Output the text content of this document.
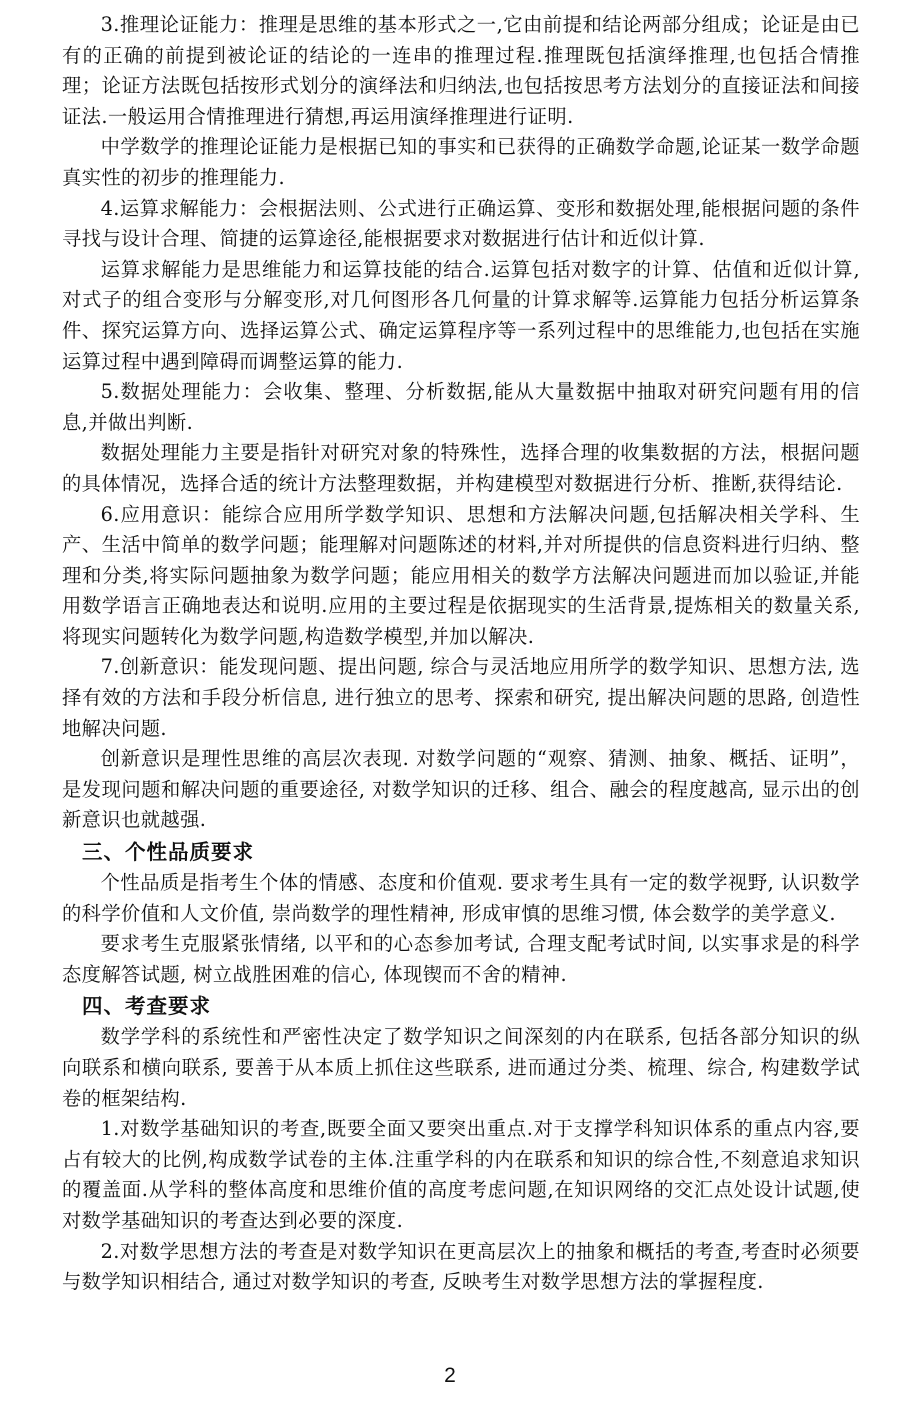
3.推理论证能力：推理是思维的基本形式之一,它由前提和结论两部分组成；论证是由已有的正确的前提到被论证的结论的一连串的推理过程.推理既包括演绎推理,也包括合情推理；论证方法既包括按形式划分的演绎法和归纳法,也包括按思考方法划分的直接证法和间接证法.一般运用合情推理进行猜想,再运用演绎推理进行证明.

中学数学的推理论证能力是根据已知的事实和已获得的正确数学命题,论证某一数学命题真实性的初步的推理能力.

4.运算求解能力：会根据法则、公式进行正确运算、变形和数据处理,能根据问题的条件寻找与设计合理、简捷的运算途径,能根据要求对数据进行估计和近似计算.

运算求解能力是思维能力和运算技能的结合.运算包括对数字的计算、估值和近似计算,对式子的组合变形与分解变形,对几何图形各几何量的计算求解等.运算能力包括分析运算条件、探究运算方向、选择运算公式、确定运算程序等一系列过程中的思维能力,也包括在实施运算过程中遇到障碍而调整运算的能力.

5.数据处理能力：会收集、整理、分析数据,能从大量数据中抽取对研究问题有用的信息,并做出判断.

数据处理能力主要是指针对研究对象的特殊性，选择合理的收集数据的方法，根据问题的具体情况，选择合适的统计方法整理数据，并构建模型对数据进行分析、推断,获得结论.

6.应用意识：能综合应用所学数学知识、思想和方法解决问题,包括解决相关学科、生产、生活中简单的数学问题；能理解对问题陈述的材料,并对所提供的信息资料进行归纳、整理和分类,将实际问题抽象为数学问题；能应用相关的数学方法解决问题进而加以验证,并能用数学语言正确地表达和说明.应用的主要过程是依据现实的生活背景,提炼相关的数量关系,将现实问题转化为数学问题,构造数学模型,并加以解决.

7.创新意识：能发现问题、提出问题, 综合与灵活地应用所学的数学知识、思想方法, 选择有效的方法和手段分析信息, 进行独立的思考、探索和研究, 提出解决问题的思路, 创造性地解决问题.

创新意识是理性思维的高层次表现. 对数学问题的“观察、猜测、抽象、概括、证明”，是发现问题和解决问题的重要途径, 对数学知识的迁移、组合、融会的程度越高, 显示出的创新意识也就越强.

三、个性品质要求

个性品质是指考生个体的情感、态度和价值观. 要求考生具有一定的数学视野, 认识数学的科学价值和人文价值, 崇尚数学的理性精神, 形成审慎的思维习惯, 体会数学的美学意义.

要求考生克服紧张情绪, 以平和的心态参加考试, 合理支配考试时间, 以实事求是的科学态度解答试题, 树立战胜困难的信心, 体现锲而不舍的精神.

四、考查要求

数学学科的系统性和严密性决定了数学知识之间深刻的内在联系, 包括各部分知识的纵向联系和横向联系, 要善于从本质上抓住这些联系, 进而通过分类、梳理、综合, 构建数学试卷的框架结构.

1.对数学基础知识的考查,既要全面又要突出重点.对于支撑学科知识体系的重点内容,要占有较大的比例,构成数学试卷的主体.注重学科的内在联系和知识的综合性,不刻意追求知识的覆盖面.从学科的整体高度和思维价值的高度考虑问题,在知识网络的交汇点处设计试题,使对数学基础知识的考查达到必要的深度.

2.对数学思想方法的考查是对数学知识在更高层次上的抽象和概括的考查,考查时必须要与数学知识相结合, 通过对数学知识的考查, 反映考生对数学思想方法的掌握程度.

2
